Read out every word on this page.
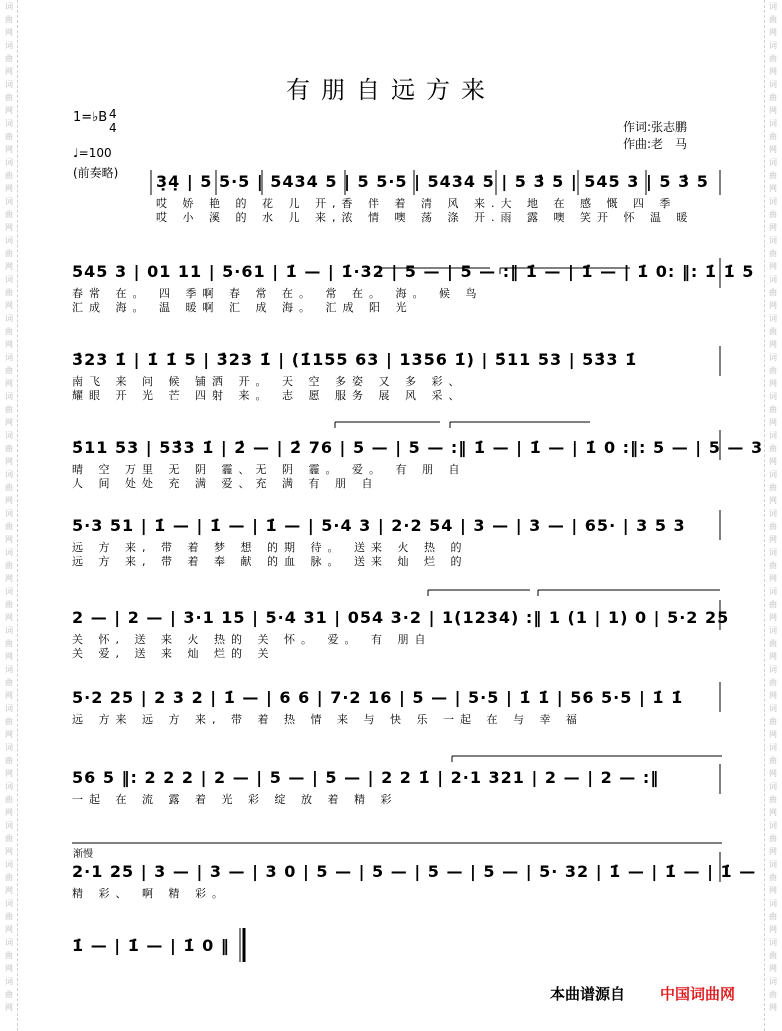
词
曲
网
词
曲
网
词
曲
网
词
曲
网
词
曲
网
词
曲
网
词
曲
网
词
曲
网
词
曲
网
词
曲
网
词
曲
网
词
曲
网
词
曲
网
词
曲
网
词
曲
网
词
曲
网
词
曲
网
词
曲
网
词
曲
网
词
曲
网
词
曲
网
词
曲
网
词
曲
网
词
曲
网
词
曲
网
词
曲
网
词
曲
网
词
曲
网
词
曲
网
词
曲
网
词
曲
网
词
曲
网
词
曲
网
词
曲
网
词
曲
网
词
曲
网
词
曲
网
词
曲
网
词
曲
网
词
曲
网
词
曲
网
词
曲
网
词
曲
网
词
曲
网
词
曲
网
词
曲
网
词
曲
网
词
曲
网
词
曲
网
词
曲
网
词
曲
网
词
曲
网
有朋自远方来
1=♭B 4
4
♩=100
(前奏略)
作词:张志鹏
作曲:老　马
3̣4̣ | 5 5·5 | 5434 5 | 5 5·5 | 5434 5 | 5 3̇ 5 | 545 3 | 5 3̇ 5
哎 娇 艳 的 花 儿 开,香 伴 着 清 风 来.大 地 在 感 慨 四 季
哎 小 溪 的 水 儿 来,浓 情 噢 荡 涤 开.雨 露 噢 笑开 怀 温 暖
545 3 | 01 11 | 5·61 | 1̇ — | 1̇·32 | 5 — | 5 — :‖ 1̇ — | 1̇ — | 1̇ 0: ‖: 1̇ 1̇ 5
春常 在。 四 季啊 春 常 在。 常 在。 海。 候 鸟
汇成 海。 温 暖啊 汇 成 海。 汇成 阳 光
3̇23 1̇ | 1̇ 1̇ 5 | 3̇23 1̇ | (1̇155 63 | 1356 1̇) | 5̇11 53 | 53̇3 1̇
南飞 来 问 候 铺洒 开。 天 空 多姿 又 多 彩、
耀眼 开 光 芒 四射 来。 志 愿 服务 展 风 采、
5̇11 53 | 53̇3 1̇ | 2̇ — | 2̇ 76 | 5 — | 5 — :‖ 1̇ — | 1̇ — | 1̇ 0 :‖: 5 — | 5 — 3
晴 空 万里 无 阴 霾、无 阴 霾。 爱。 有 朋 自
人 间 处处 充 满 爱、充 满 有 朋 自
5·3 51 | 1̇ — | 1̇ — | 1̇ — | 5·4 3 | 2·2 54 | 3 — | 3 — | 65· | 3 5 3
远 方 来, 带 着 梦 想 的期 待。 送来 火 热 的
远 方 来, 带 着 奉 献 的血 脉。 送来 灿 烂 的
2 — | 2 — | 3·1 15 | 5·4 31 | 054 3·2 | 1(1234) :‖ 1 (1 | 1) 0 | 5·2 25
关 怀, 送 来 火 热的 关 怀。 爱。 有 朋自
关 爱, 送 来 灿 烂的 关
5·2 25 | 2 3 2 | 1̇ — | 6 6 | 7·2 16 | 5 — | 5·5 | 1̇ 1̇ | 56 5·5 | 1̇ 1̇
远 方来 远 方 来, 带 着 热 情 来 与 快 乐 一起 在 与 幸 福
56 5 ‖: 2 2 2 | 2 — | 5 — | 5 — | 2 2 1̇ | 2·1 321 | 2 — | 2 — :‖
一起 在 流 露 着 光 彩 绽 放 着 精 彩
渐慢
2·1 25 | 3 — | 3 — | 3 0 | 5 — | 5 — | 5 — | 5 — | 5· 32 | 1̇ — | 1̇ — | 1̇ —
精 彩、 啊 精 彩。
1̇ — | 1̇ — | 1̇ 0 ‖
本曲谱源自 中国词曲网
